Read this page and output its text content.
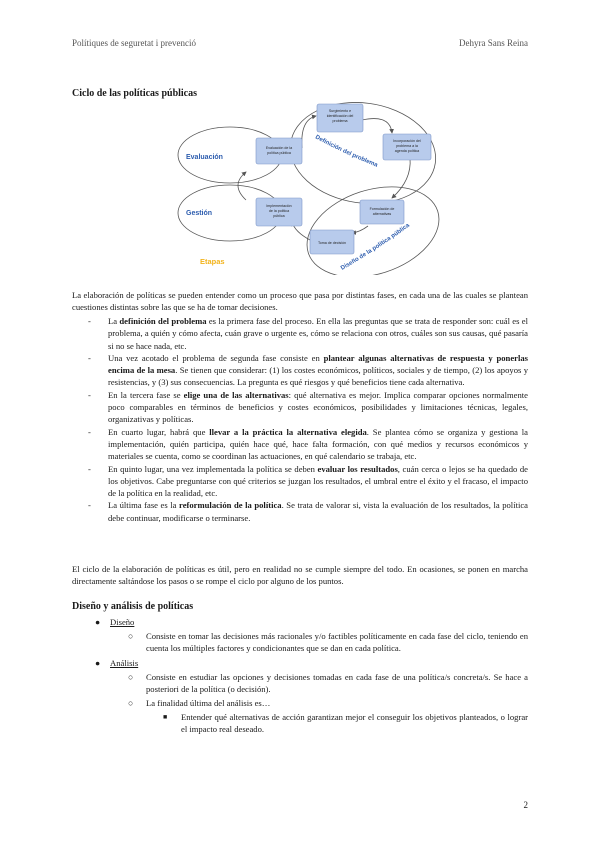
Polítiques de seguretat i prevenció	Dehyra Sans Reina
Ciclo de las políticas públicas
Surgimiento e
identificación del
problema
Incorporación del
problema a la
agenda política
Formulación de
alternativas
Toma de decisión
Implementación
de la política
pública
Evaluación de la
política pública
Definición del problema
Diseño de la política pública
Evaluación
Gestión
Etapas

La elaboración de políticas se pueden entender como un proceso que pasa por distintas fases, en cada una de las cuales se plantean cuestiones distintas sobre las que se ha de tomar decisiones.

- La definición del problema es la primera fase del proceso. En ella las preguntas que se trata de responder son: cuál es el problema, a quién y cómo afecta, cuán grave o urgente es, cómo se relaciona con otros, cuáles son sus causas, qué pasaría si no se hace nada, etc.
- Una vez acotado el problema de segunda fase consiste en plantear algunas alternativas de respuesta y ponerlas encima de la mesa. Se tienen que considerar: (1) los costes económicos, políticos, sociales y de tiempo, (2) los apoyos y resistencias, y (3) sus consecuencias. La pregunta es qué riesgos y qué beneficios tiene cada alternativa.
- En la tercera fase se elige una de las alternativas: qué alternativa es mejor. Implica comparar opciones normalmente poco comparables en términos de beneficios y costes económicos, posibilidades y limitaciones técnicas, legales, organizativas y políticas.
- En cuarto lugar, habrá que llevar a la práctica la alternativa elegida. Se plantea cómo se organiza y gestiona la implementación, quién participa, quién hace qué, hace falta formación, con qué medios y recursos económicos y materiales se cuenta, como se coordinan las actuaciones, en qué calendario se trabaja, etc.
- En quinto lugar, una vez implementada la política se deben evaluar los resultados, cuán cerca o lejos se ha quedado de los objetivos. Cabe preguntarse con qué criterios se juzgan los resultados, el umbral entre el éxito y el fracaso, el impacto de la política en la realidad, etc.
- La última fase es la reformulación de la política. Se trata de valorar si, vista la evaluación de los resultados, la política debe continuar, modificarse o terminarse.

El ciclo de la elaboración de políticas es útil, pero en realidad no se cumple siempre del todo. En ocasiones, se ponen en marcha directamente saltándose los pasos o se rompe el ciclo por alguno de los puntos.

Diseño y análisis de políticas
● Diseño
○ Consiste en tomar las decisiones más racionales y/o factibles políticamente en cada fase del ciclo, teniendo en cuenta los múltiples factores y condicionantes que se dan en cada política.
● Análisis
○ Consiste en estudiar las opciones y decisiones tomadas en cada fase de una política/s concreta/s. Se hace a posteriori de la política (o decisión).
○ La finalidad última del análisis es…
■ Entender qué alternativas de acción garantizan mejor el conseguir los objetivos planteados, o lograr el impacto real deseado.
2
